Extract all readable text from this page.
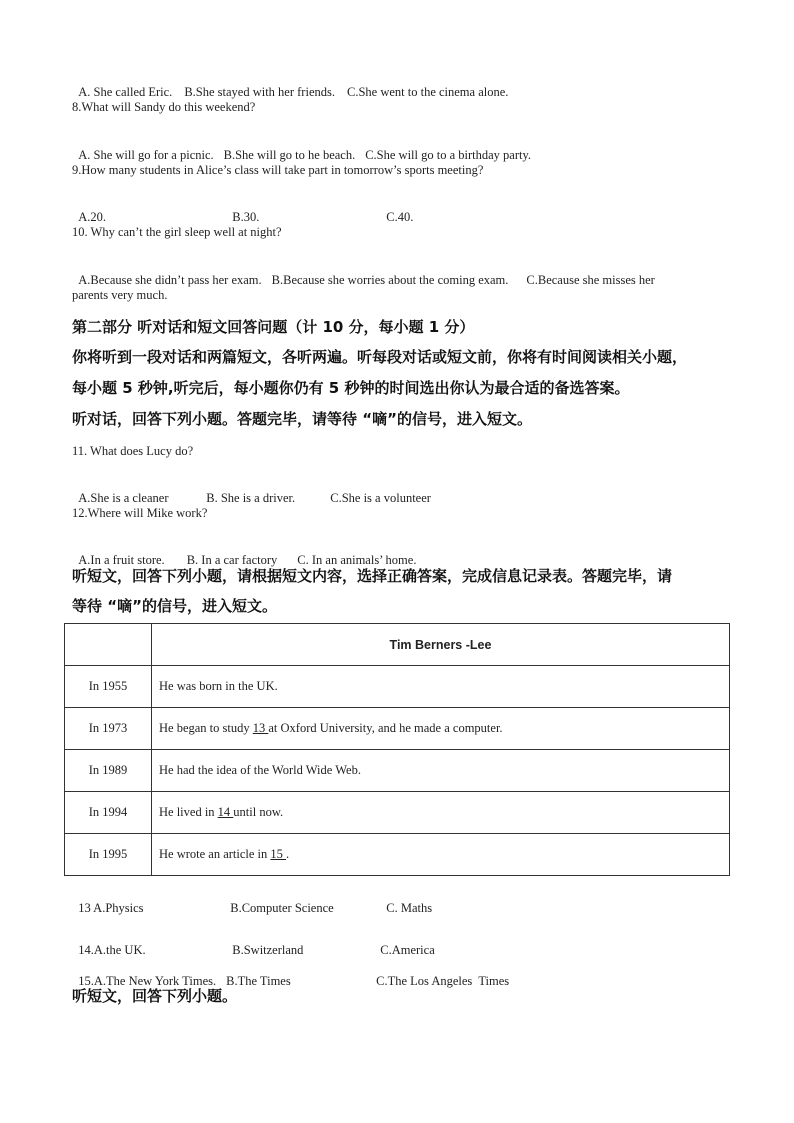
A. She called Eric. B.She stayed with her friends. C.She went to the cinema alone.

8.What will Sandy do this weekend?

A. She will go for a picnic. B.She will go to he beach. C.She will go to a birthday party.

9.How many students in Alice’s class will take part in tomorrow’s sports meeting?

A.20.	B.30.	C.40.

10. Why can’t the girl sleep well at night?

A.Because she didn’t pass her exam. B.Because she worries about the coming exam. C.Because she misses her

parents very much.
第二部分 听对话和短文回答问题（计 10 分，每小题 1 分）
你将听到一段对话和两篇短文，各听两遍。听每段对话或短文前，你将有时间阅读相关小题，
每小题 5 秒钟,听完后，每小题你仍有 5 秒钟的时间选出你认为最合适的备选答案。
听对话，回答下列小题。答题完毕，请等待 “嘀”的信号，进入短文。
11. What does Lucy do?

A.She is a cleaner	B. She is a driver.	C.She is a volunteer

12.Where will Mike work?

A.In a fruit store. B. In a car factory C. In an animals’ home.

听短文，回答下列小题，请根据短文内容，选择正确答案，完成信息记录表。答题完毕，请
等待 “嘀”的信号，进入短文。
	Tim Berners -Lee
In 1955	He was born in the UK.
In 1973	He began to study 13 at Oxford University, and he made a computer.
In 1989	He had the idea of the World Wide Web.
In 1994	He lived in 14 until now.
In 1995	He wrote an article in 15 .

13 A.Physics	B.Computer Science	C. Maths

14.A.the UK.	B.Switzerland	C.America

15.A.The New York Times. B.The Times	C.The Los Angeles  Times

听短文，回答下列小题。
